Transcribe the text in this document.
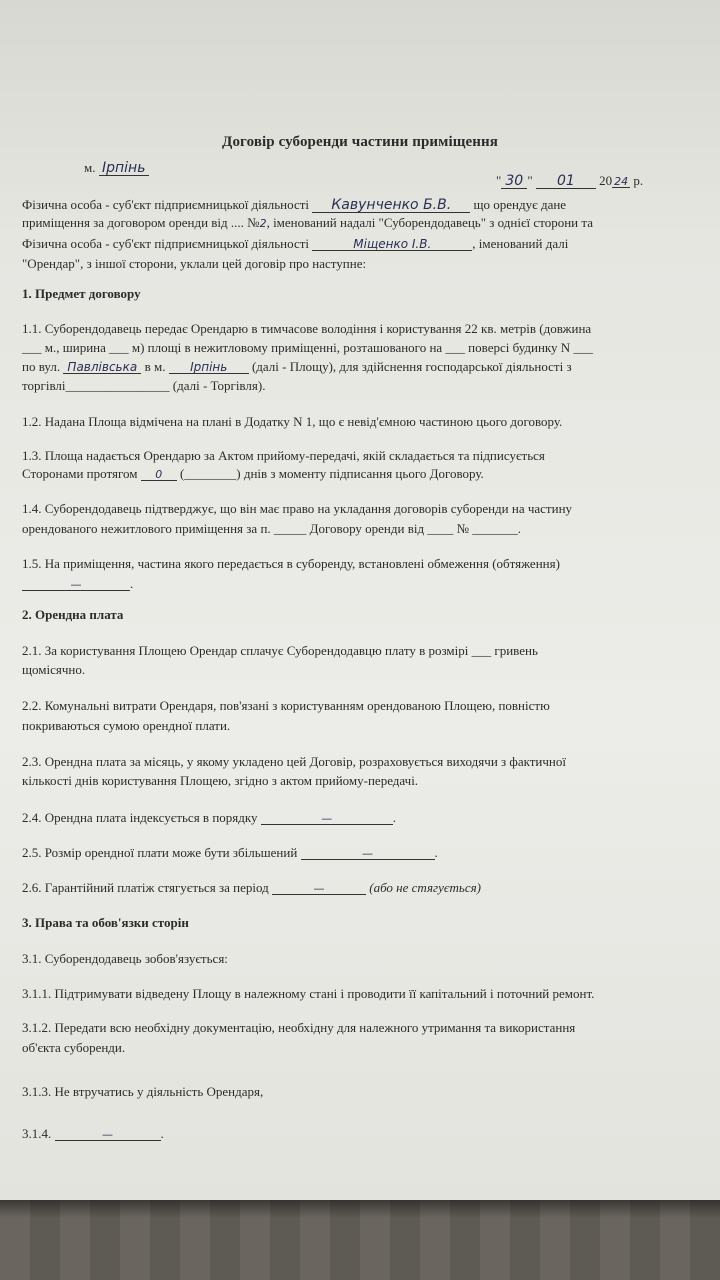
Договір суборенди частини приміщення
м. Ірпінь
" 30 " 01 20 24 р.
Фізична особа - суб'єкт підприємницької діяльності Кавунченко Б.В. що орендує дане
приміщення за договором оренди від .... №2, іменований надалі "Суборендодавець" з однієї сторони та
Фізична особа - суб'єкт підприємницької діяльності	Міщенко І.В.	, іменований далі
"Орендар", з іншої сторони, уклали цей договір про наступне:
1. Предмет договору
1.1. Суборендодавець передає Орендарю в тимчасове володіння і користування 22 кв. метрів (довжина
___ м., ширина ___ м) площі в нежитловому приміщенні, розташованого на ___ поверсі будинку N ___
по вул. Павлівська в м. Ірпінь (далі - Площу), для здійснення господарської діяльності з
торгівлі________________ (далі - Торгівля).
1.2. Надана Площа відмічена на плані в Додатку N 1, що є невід'ємною частиною цього договору.
1.3. Площа надається Орендарю за Актом прийому-передачі, якій складається та підписується
Сторонами протягом 0 (________) днів з моменту підписання цього Договору.
1.4. Суборендодавець підтверджує, що він має право на укладання договорів суборенди на частину
орендованого нежитлового приміщення за п. _____ Договору оренди від ____ № _______.
1.5. На приміщення, частина якого передається в суборенду, встановлені обмеження (обтяження)
—	.
2. Орендна плата
2.1. За користування Площею Орендар сплачує Суборендодавцю плату в розмірі ___ гривень
щомісячно.
2.2. Комунальні витрати Орендаря, пов'язані з користуванням орендованою Площею, повністю
покриваються сумою орендної плати.
2.3. Орендна плата за місяць, у якому укладено цей Договір, розраховується виходячи з фактичної
кількості днів користування Площею, згідно з актом прийому-передачі.
2.4. Орендна плата індексується в порядку	—	.
2.5. Розмір орендної плати може бути збільшений	—	.
2.6. Гарантійний платіж стягується за період	—	(або не стягується)
3. Права та обов'язки сторін
3.1. Суборендодавець зобов'язується:
3.1.1. Підтримувати відведену Площу в належному стані і проводити її капітальний і поточний ремонт.
3.1.2. Передати всю необхідну документацію, необхідну для належного утримання та використання
об'єкта суборенди.
3.1.3. Не втручатись у діяльність Орендаря,
3.1.4.	—	.
